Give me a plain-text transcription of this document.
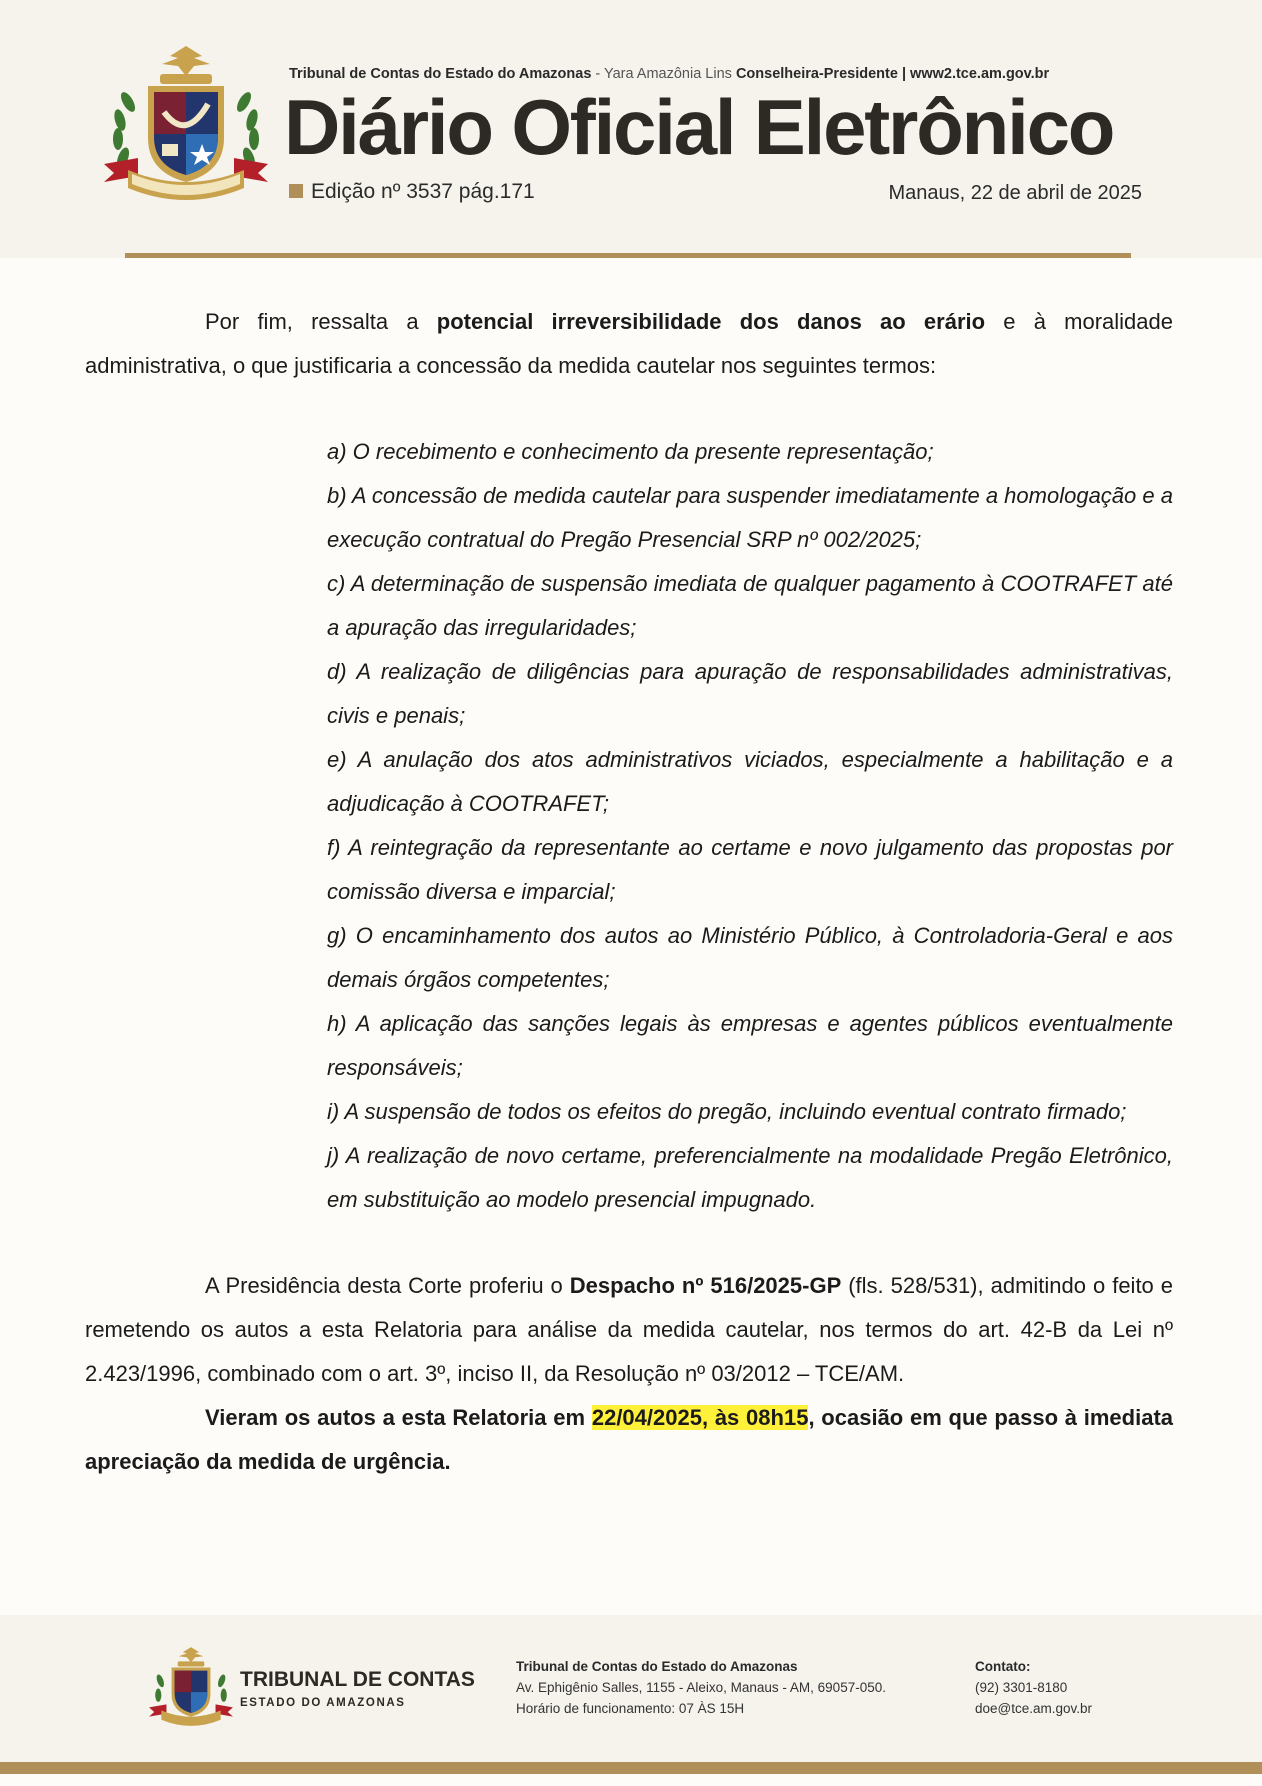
Tribunal de Contas do Estado do Amazonas - Yara Amazônia Lins Conselheira-Presidente | www2.tce.am.gov.br
Diário Oficial Eletrônico
Edição nº 3537 pág.171	Manaus, 22 de abril de 2025

Por fim, ressalta a potencial irreversibilidade dos danos ao erário e à moralidade administrativa, o que justificaria a concessão da medida cautelar nos seguintes termos:

a) O recebimento e conhecimento da presente representação;
b) A concessão de medida cautelar para suspender imediatamente a homologação e a execução contratual do Pregão Presencial SRP nº 002/2025;
c) A determinação de suspensão imediata de qualquer pagamento à COOTRAFET até a apuração das irregularidades;
d) A realização de diligências para apuração de responsabilidades administrativas, civis e penais;
e) A anulação dos atos administrativos viciados, especialmente a habilitação e a adjudicação à COOTRAFET;
f) A reintegração da representante ao certame e novo julgamento das propostas por comissão diversa e imparcial;
g) O encaminhamento dos autos ao Ministério Público, à Controladoria-Geral e aos demais órgãos competentes;
h) A aplicação das sanções legais às empresas e agentes públicos eventualmente responsáveis;
i) A suspensão de todos os efeitos do pregão, incluindo eventual contrato firmado;
j) A realização de novo certame, preferencialmente na modalidade Pregão Eletrônico, em substituição ao modelo presencial impugnado.

A Presidência desta Corte proferiu o Despacho nº 516/2025-GP (fls. 528/531), admitindo o feito e remetendo os autos a esta Relatoria para análise da medida cautelar, nos termos do art. 42-B da Lei nº 2.423/1996, combinado com o art. 3º, inciso II, da Resolução nº 03/2012 – TCE/AM.

Vieram os autos a esta Relatoria em 22/04/2025, às 08h15, ocasião em que passo à imediata apreciação da medida de urgência.

TRIBUNAL DE CONTAS
ESTADO DO AMAZONAS
Tribunal de Contas do Estado do Amazonas
Av. Ephigênio Salles, 1155 - Aleixo, Manaus - AM, 69057-050.
Horário de funcionamento: 07 ÀS 15H
Contato:
(92) 3301-8180
doe@tce.am.gov.br
